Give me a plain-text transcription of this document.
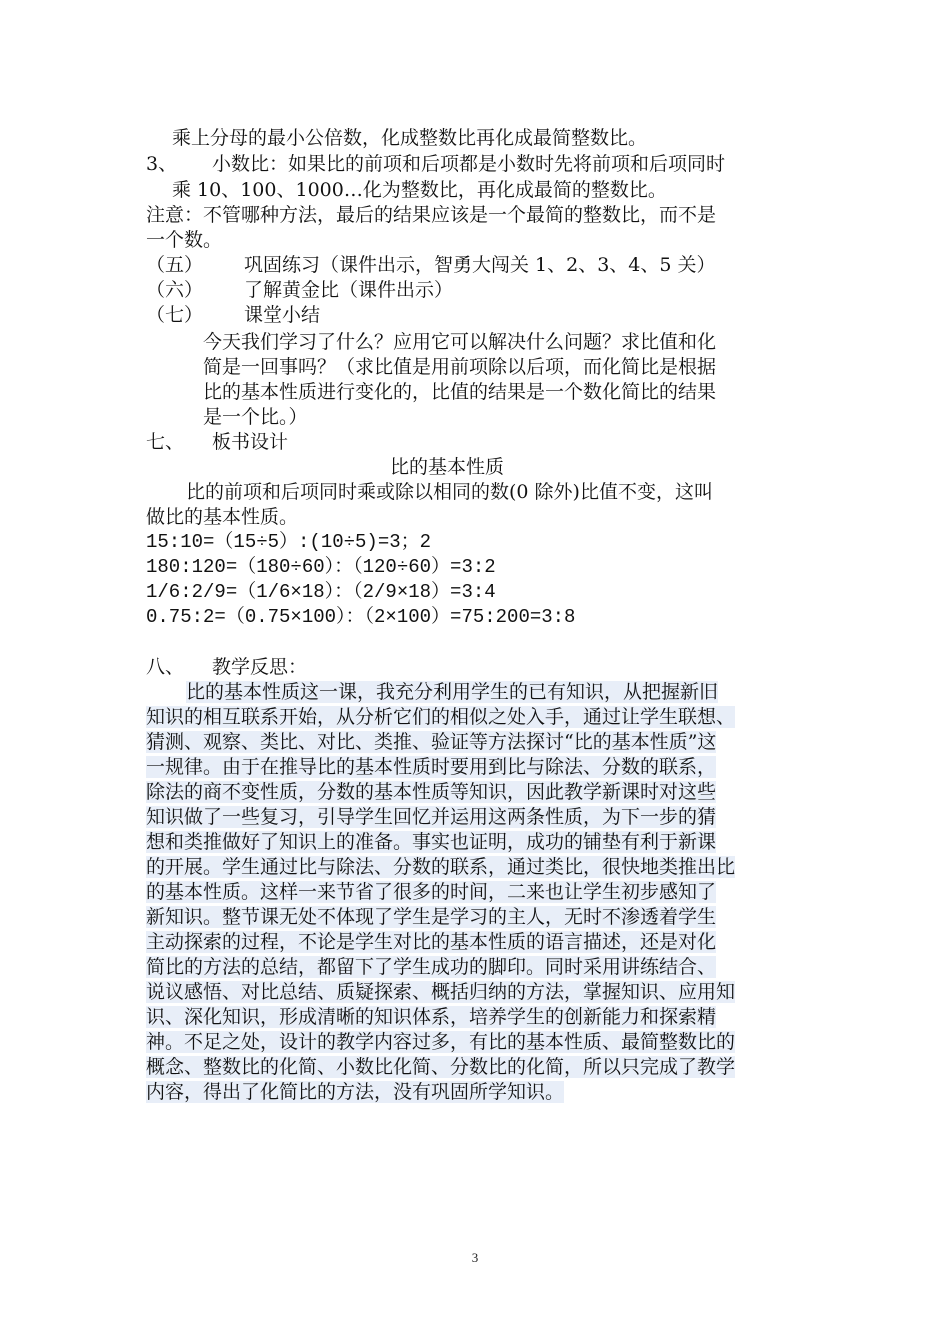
乘上分母的最小公倍数，化成整数比再化成最简整数比。
3、 小数比：如果比的前项和后项都是小数时先将前项和后项同时
乘 10、100、1000…化为整数比，再化成最简的整数比。
注意：不管哪种方法，最后的结果应该是一个最简的整数比，而不是
一个数。
（五） 巩固练习（课件出示，智勇大闯关 1、2、3、4、5 关）
（六） 了解黄金比（课件出示）
（七） 课堂小结
今天我们学习了什么？应用它可以解决什么问题？求比值和化
简是一回事吗？（求比值是用前项除以后项，而化简比是根据
比的基本性质进行变化的，比值的结果是一个数化简比的结果
是一个比。）
七、 板书设计
比的基本性质
比的前项和后项同时乘或除以相同的数(0 除外)比值不变，这叫
做比的基本性质。
15:10=（15÷5）:(10÷5)=3；2
180:120=（180÷60）：（120÷60）=3:2
1/6:2/9=（1/6×18）：（2/9×18）=3:4
0.75:2=（0.75×100）：（2×100）=75:200=3:8
八、 教学反思：
比的基本性质这一课，我充分利用学生的已有知识，从把握新旧
知识的相互联系开始，从分析它们的相似之处入手，通过让学生联想、
猜测、观察、类比、对比、类推、验证等方法探讨“比的基本性质”这
一规律。由于在推导比的基本性质时要用到比与除法、分数的联系，
除法的商不变性质，分数的基本性质等知识，因此教学新课时对这些
知识做了一些复习，引导学生回忆并运用这两条性质，为下一步的猜
想和类推做好了知识上的准备。事实也证明，成功的铺垫有利于新课
的开展。学生通过比与除法、分数的联系，通过类比，很快地类推出比
的基本性质。这样一来节省了很多的时间，二来也让学生初步感知了
新知识。整节课无处不体现了学生是学习的主人，无时不渗透着学生
主动探索的过程，不论是学生对比的基本性质的语言描述，还是对化
简比的方法的总结，都留下了学生成功的脚印。同时采用讲练结合、
说议感悟、对比总结、质疑探索、概括归纳的方法，掌握知识、应用知
识、深化知识，形成清晰的知识体系，培养学生的创新能力和探索精
神。不足之处，设计的教学内容过多，有比的基本性质、最简整数比的
概念、整数比的化简、小数比化简、分数比的化简，所以只完成了教学
内容，得出了化简比的方法，没有巩固所学知识。
3
